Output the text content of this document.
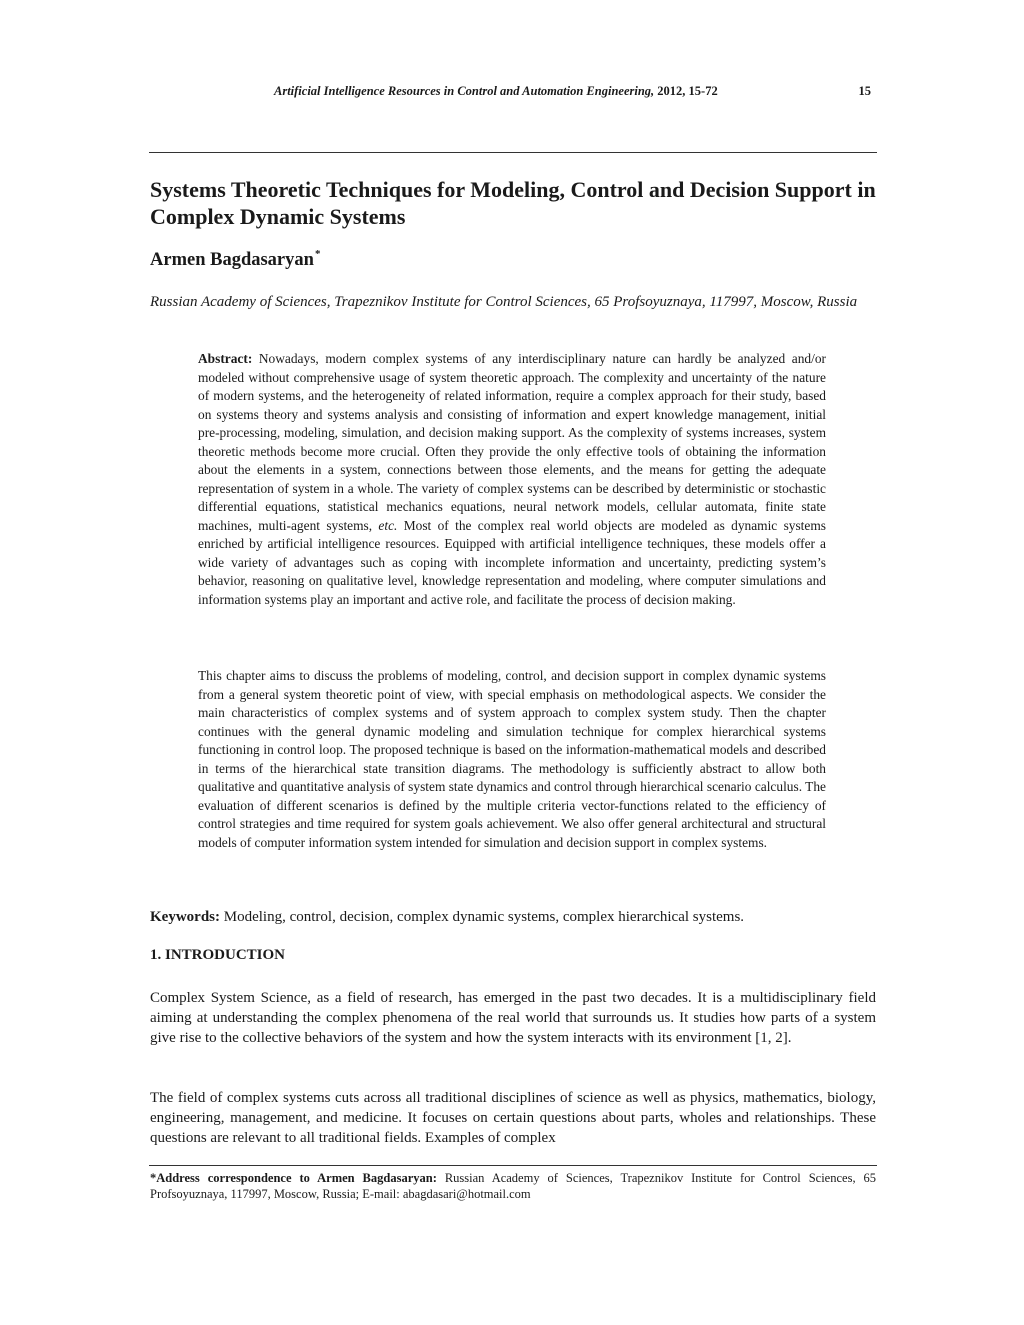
Artificial Intelligence Resources in Control and Automation Engineering, 2012, 15-72	15
Systems Theoretic Techniques for Modeling, Control and Decision Support in Complex Dynamic Systems

Armen Bagdasaryan*

Russian Academy of Sciences, Trapeznikov Institute for Control Sciences, 65 Profsoyuznaya, 117997, Moscow, Russia

Abstract: Nowadays, modern complex systems of any interdisciplinary nature can hardly be analyzed and/or modeled without comprehensive usage of system theoretic approach. The complexity and uncertainty of the nature of modern systems, and the heterogeneity of related information, require a complex approach for their study, based on systems theory and systems analysis and consisting of information and expert knowledge management, initial pre-processing, modeling, simulation, and decision making support. As the complexity of systems increases, system theoretic methods become more crucial. Often they provide the only effective tools of obtaining the information about the elements in a system, connections between those elements, and the means for getting the adequate representation of system in a whole. The variety of complex systems can be described by deterministic or stochastic differential equations, statistical mechanics equations, neural network models, cellular automata, finite state machines, multi-agent systems, etc. Most of the complex real world objects are modeled as dynamic systems enriched by artificial intelligence resources. Equipped with artificial intelligence techniques, these models offer a wide variety of advantages such as coping with incomplete information and uncertainty, predicting system’s behavior, reasoning on qualitative level, knowledge representation and modeling, where computer simulations and information systems play an important and active role, and facilitate the process of decision making.

This chapter aims to discuss the problems of modeling, control, and decision support in complex dynamic systems from a general system theoretic point of view, with special emphasis on methodological aspects. We consider the main characteristics of complex systems and of system approach to complex system study. Then the chapter continues with the general dynamic modeling and simulation technique for complex hierarchical systems functioning in control loop. The proposed technique is based on the information-mathematical models and described in terms of the hierarchical state transition diagrams. The methodology is sufficiently abstract to allow both qualitative and quantitative analysis of system state dynamics and control through hierarchical scenario calculus. The evaluation of different scenarios is defined by the multiple criteria vector-functions related to the efficiency of control strategies and time required for system goals achievement. We also offer general architectural and structural models of computer information system intended for simulation and decision support in complex systems.

Keywords: Modeling, control, decision, complex dynamic systems, complex hierarchical systems.

1. INTRODUCTION

Complex System Science, as a field of research, has emerged in the past two decades. It is a multidisciplinary field aiming at understanding the complex phenomena of the real world that surrounds us. It studies how parts of a system give rise to the collective behaviors of the system and how the system interacts with its environment [1, 2].

The field of complex systems cuts across all traditional disciplines of science as well as physics, mathematics, biology, engineering, management, and medicine. It focuses on certain questions about parts, wholes and relationships. These questions are relevant to all traditional fields. Examples of complex

*Address correspondence to Armen Bagdasaryan: Russian Academy of Sciences, Trapeznikov Institute for Control Sciences, 65 Profsoyuznaya, 117997, Moscow, Russia; E-mail: abagdasari@hotmail.com
